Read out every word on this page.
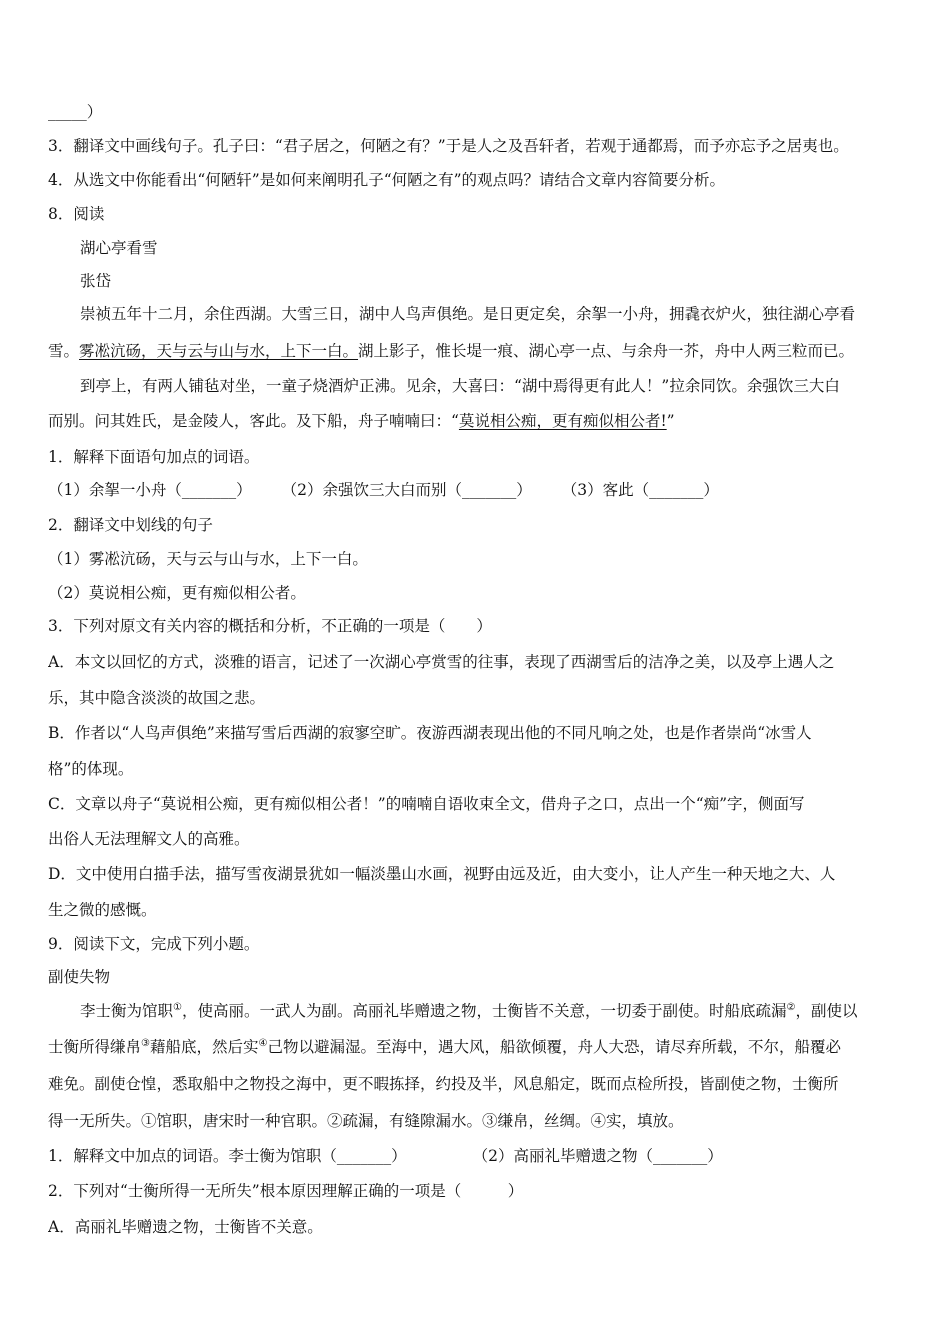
_____）
3．翻译文中画线句子。孔子曰：“君子居之，何陋之有？”于是人之及吾轩者，若观于通都焉，而予亦忘予之居夷也。
4．从选文中你能看出“何陋轩”是如何来阐明孔子“何陋之有”的观点吗？请结合文章内容简要分析。
8．阅读
湖心亭看雪
张岱
崇祯五年十二月，余住西湖。大雪三日，湖中人鸟声俱绝。是日更定矣，余挐一小舟，拥毳衣炉火，独往湖心亭看
雪。雾凇沆砀，天与云与山与水，上下一白。湖上影子，惟长堤一痕、湖心亭一点、与余舟一芥，舟中人两三粒而已。
到亭上，有两人铺毡对坐，一童子烧酒炉正沸。见余，大喜曰：“湖中焉得更有此人！”拉余同饮。余强饮三大白
而别。问其姓氏，是金陵人，客此。及下船，舟子喃喃曰：“莫说相公痴，更有痴似相公者!”
1．解释下面语句加点的词语。
（1）余挐一小舟（_______） （2）余强饮三大白而别（_______） （3）客此（_______）
2．翻译文中划线的句子
（1）雾凇沆砀，天与云与山与水，上下一白。
（2）莫说相公痴，更有痴似相公者。
3．下列对原文有关内容的概括和分析，不正确的一项是（　　）
A．本文以回忆的方式，淡雅的语言，记述了一次湖心亭赏雪的往事，表现了西湖雪后的洁净之美，以及亭上遇人之
乐，其中隐含淡淡的故国之悲。
B．作者以“人鸟声俱绝”来描写雪后西湖的寂寥空旷。夜游西湖表现出他的不同凡响之处，也是作者崇尚“冰雪人
格”的体现。
C．文章以舟子“莫说相公痴，更有痴似相公者！”的喃喃自语收束全文，借舟子之口，点出一个“痴”字，侧面写
出俗人无法理解文人的高雅。
D．文中使用白描手法，描写雪夜湖景犹如一幅淡墨山水画，视野由远及近，由大变小，让人产生一种天地之大、人
生之微的感慨。
9．阅读下文，完成下列小题。
副使失物
李士衡为馆职①，使高丽。一武人为副。高丽礼毕赠遗之物，士衡皆不关意，一切委于副使。时船底疏漏②，副使以
士衡所得缣帛③藉船底，然后实④己物以避漏湿。至海中，遇大风，船欲倾覆，舟人大恐，请尽弃所载，不尔，船覆必
难免。副使仓惶，悉取船中之物投之海中，更不暇拣择，约投及半，风息船定，既而点检所投，皆副使之物，士衡所
得一无所失。①馆职，唐宋时一种官职。②疏漏，有缝隙漏水。③缣帛，丝绸。④实，填放。
1．解释文中加点的词语。李士衡为馆职（_______）	（2）高丽礼毕赠遗之物（_______）
2．下列对“士衡所得一无所失”根本原因理解正确的一项是（　　　）
A．高丽礼毕赠遗之物，士衡皆不关意。
